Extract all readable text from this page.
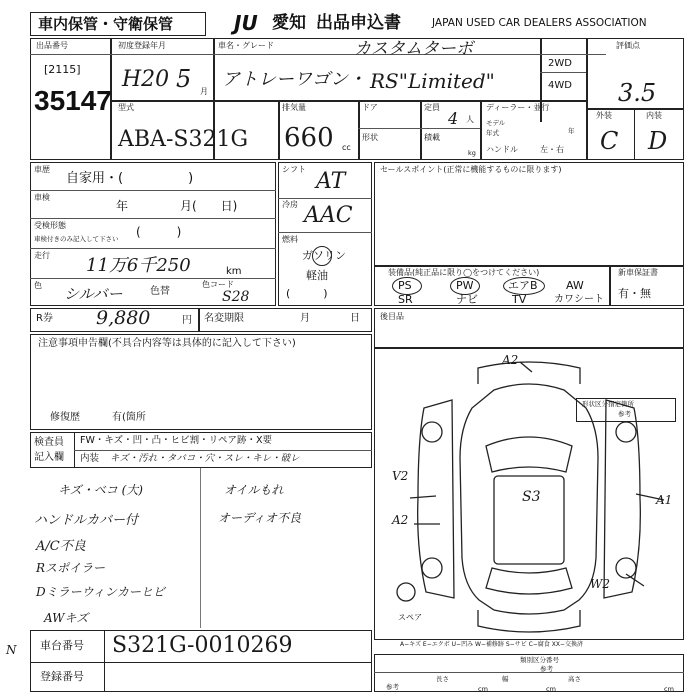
車内保管・守衛保管	JU 愛知 出品申込書	JAPAN USED CAR DEALERS ASSOCIATION
出品番号
[2115]
35147
初度登録年月
H20 5 月
車名・グレード	カスタムターボ
アトレーワゴン・ RS"Limited"
2WD
4WD
評価点
3.5
外装	内装
C D
型式
ABA-S321G
排気量
660 cc
ドア	定員
4 人
形状	積載
kg
ディーラー・並行
モデル
年式	年
ハンドル	左・右
車歴
自家用・(　　　　　)
車検
年	月(　　日)
受検形態
車検付きのみ記入して下さい (　　　)
走行 11万6千250	km
色 シルバー	色替
色コード
S28
シフト AT
冷房 AAC
燃料
ガソリン
軽油
(　　　)
セールスポイント(正常に機能するものに限ります)
装備品(純正品に限り◯をつけてください)
PS	PW	エアB	AW
SR	ナビ	TV	カワシート
新車保証書
有・無
R券 9,880	円 名変期限	月	日	後目品
注意事項申告欄(不具合内容等は具体的に記入して下さい)
修復歴	有(箇所
検査員
記入欄
FW・キズ・凹・凸・ヒビ割・リペア跡・X要
内装 キズ・汚れ・タバコ・穴・スレ・キレ・破レ
キズ・ベコ (大)
ハンドルカバー付
A/C不良
Rスポイラー
Dミラーウィンカーヒビ
AWキズ
オイルもれ
オーディオ不良
A2
V2
A2
S3	A1
W2
スペア
形状区分指定箇所
参考
A−キズ E−エクボ U−凹み W−補修跡 S−サビ C−腐食 XX−交換済
車台番号 S321G-0010269
登録番号
類別区分番号
参考
参考
長さ	幅	高さ
cm	cm	cm
N
